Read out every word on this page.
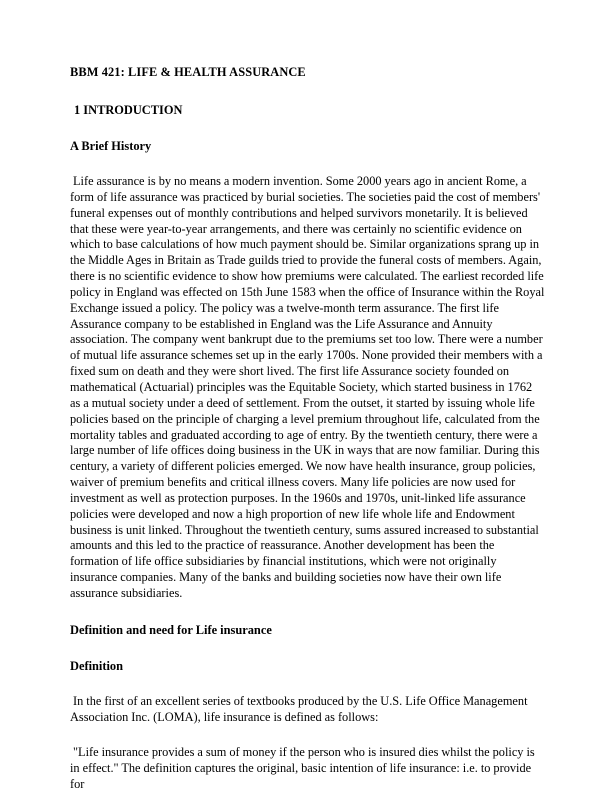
BBM 421: LIFE & HEALTH ASSURANCE
1 INTRODUCTION
A Brief History

Life assurance is by no means a modern invention. Some 2000 years ago in ancient Rome, a form of life assurance was practiced by burial societies. The societies paid the cost of members' funeral expenses out of monthly contributions and helped survivors monetarily. It is believed that these were year-to-year arrangements, and there was certainly no scientific evidence on which to base calculations of how much payment should be. Similar organizations sprang up in the Middle Ages in Britain as Trade guilds tried to provide the funeral costs of members. Again, there is no scientific evidence to show how premiums were calculated. The earliest recorded life policy in England was effected on 15th June 1583 when the office of Insurance within the Royal Exchange issued a policy. The policy was a twelve-month term assurance. The first life Assurance company to be established in England was the Life Assurance and Annuity association. The company went bankrupt due to the premiums set too low. There were a number of mutual life assurance schemes set up in the early 1700s. None provided their members with a fixed sum on death and they were short lived. The first life Assurance society founded on mathematical (Actuarial) principles was the Equitable Society, which started business in 1762 as a mutual society under a deed of settlement. From the outset, it started by issuing whole life policies based on the principle of charging a level premium throughout life, calculated from the mortality tables and graduated according to age of entry. By the twentieth century, there were a large number of life offices doing business in the UK in ways that are now familiar. During this century, a variety of different policies emerged. We now have health insurance, group policies, waiver of premium benefits and critical illness covers. Many life policies are now used for investment as well as protection purposes. In the 1960s and 1970s, unit-linked life assurance policies were developed and now a high proportion of new life whole life and Endowment business is unit linked. Throughout the twentieth century, sums assured increased to substantial amounts and this led to the practice of reassurance. Another development has been the formation of life office subsidiaries by financial institutions, which were not originally insurance companies. Many of the banks and building societies now have their own life assurance subsidiaries.

Definition and need for Life insurance
Definition

In the first of an excellent series of textbooks produced by the U.S. Life Office Management Association Inc. (LOMA), life insurance is defined as follows:

"Life insurance provides a sum of money if the person who is insured dies whilst the policy is in effect." The definition captures the original, basic intention of life insurance: i.e. to provide for
